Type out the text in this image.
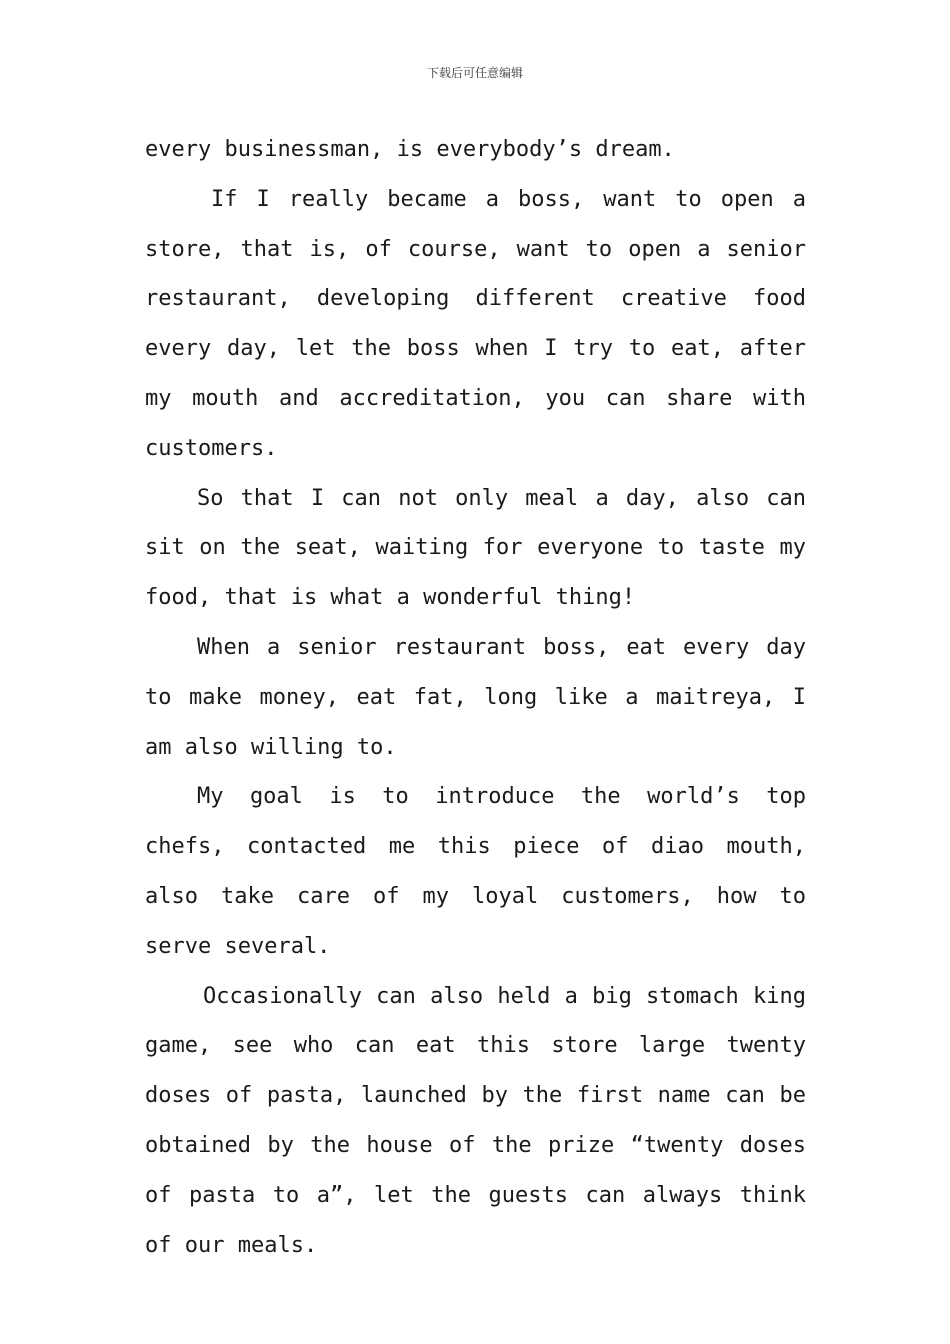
下载后可任意编辑

every businessman, is everybody’s dream.

If I really became a boss, want to open a store, that is, of course, want to open a senior restaurant, developing different creative food every day, let the boss when I try to eat, after my mouth and accreditation, you can share with customers.

So that I can not only meal a day, also can sit on the seat, waiting for everyone to taste my food, that is what a wonderful thing!

When a senior restaurant boss, eat every day to make money, eat fat, long like a maitreya, I am also willing to.

My goal is to introduce the world’s top chefs, contacted me this piece of diao mouth, also take care of my loyal customers, how to serve several.

Occasionally can also held a big stomach king game, see who can eat this store large twenty doses of pasta, launched by the first name can be obtained by the house of the prize “twenty doses of pasta to a”, let the guests can always think of our meals.
